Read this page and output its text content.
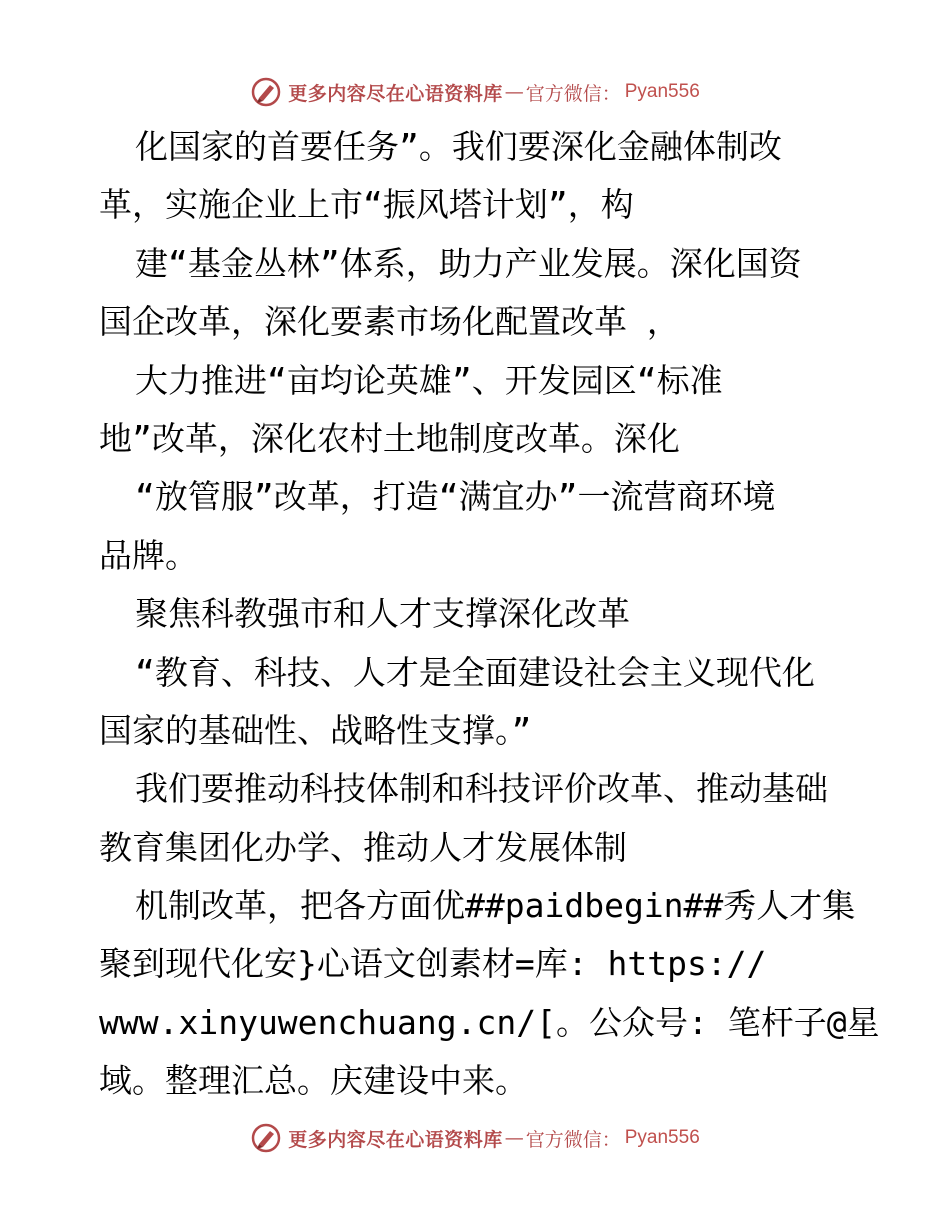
更多内容尽在心语资料库 — 官方微信： Pyan556
化国家的首要任务”。我们要深化金融体制改
革，实施企业上市“振风塔计划”，构
建“基金丛林”体系，助力产业发展。深化国资
国企改革，深化要素市场化配置改革 ，
大力推进“亩均论英雄”、开发园区“标准
地”改革，深化农村土地制度改革。深化
“放管服”改革，打造“满宜办”一流营商环境
品牌。
聚焦科教强市和人才支撑深化改革
“教育、科技、人才是全面建设社会主义现代化
国家的基础性、战略性支撑。”
我们要推动科技体制和科技评价改革、推动基础
教育集团化办学、推动人才发展体制
机制改革，把各方面优##paidbegin##秀人才集
聚到现代化安}心语文创素材=库: https://
www.xinyuwenchuang.cn/[。公众号: 笔杆子@星
域。整理汇总。庆建设中来。
更多内容尽在心语资料库 — 官方微信： Pyan556
